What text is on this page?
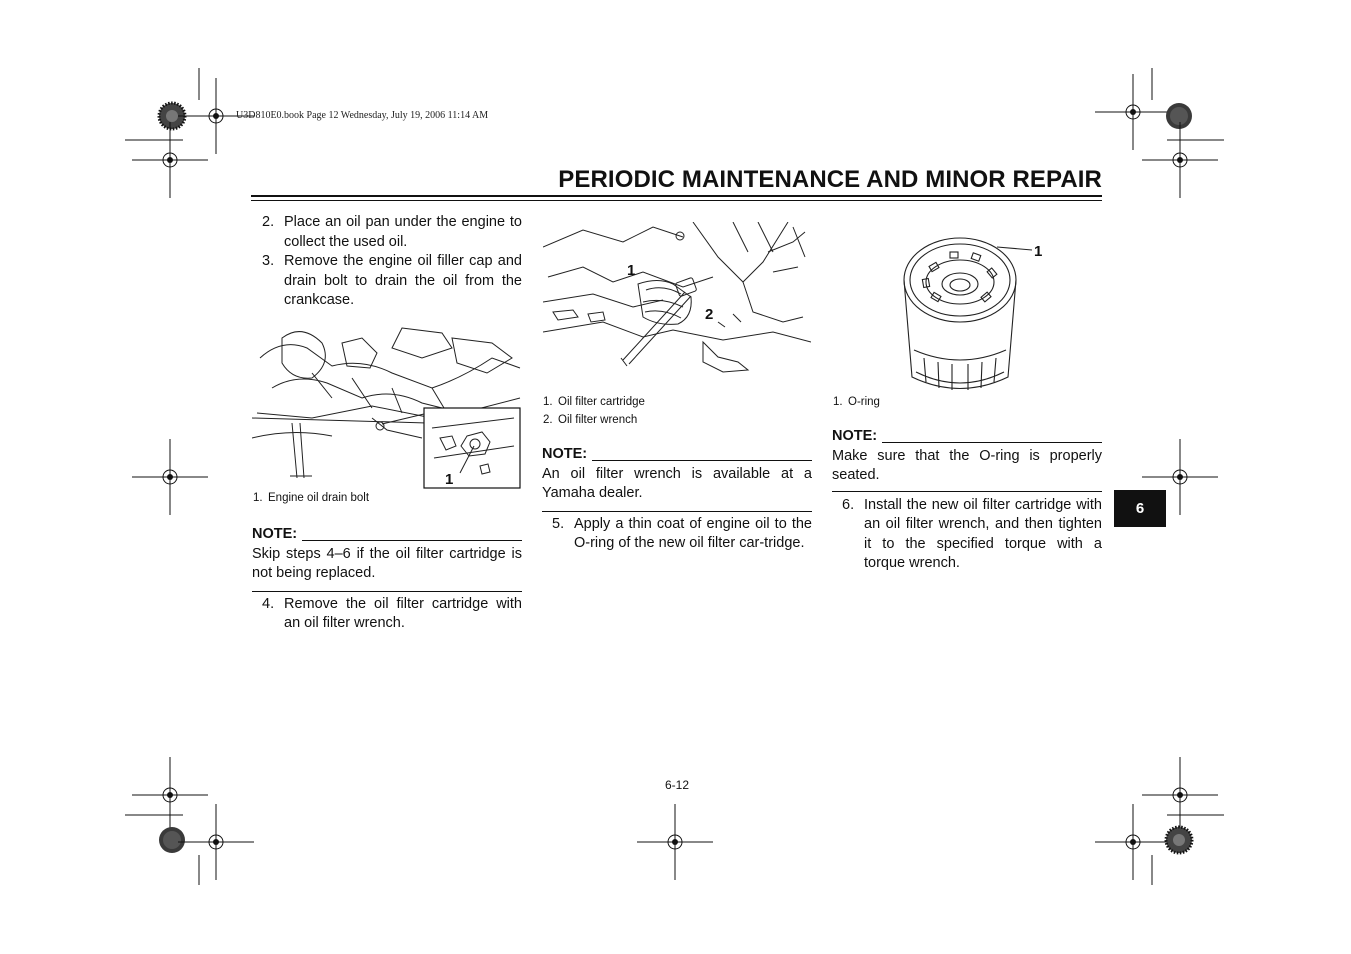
U3D810E0.book Page 12 Wednesday, July 19, 2006 11:14 AM
PERIODIC MAINTENANCE AND MINOR REPAIR
6
2. Place an oil pan under the engine to collect the used oil.
3. Remove the engine oil filler cap and drain bolt to drain the oil from the crankcase.
1
1. Engine oil drain bolt
NOTE:
Skip steps 4–6 if the oil filter cartridge is not being replaced.
4. Remove the oil filter cartridge with an oil filter wrench.
1
2
1. Oil filter cartridge
2. Oil filter wrench
NOTE:
An oil filter wrench is available at a Yamaha dealer.
5. Apply a thin coat of engine oil to the O-ring of the new oil filter car-tridge.
1
1. O-ring
NOTE:
Make sure that the O-ring is properly seated.
6. Install the new oil filter cartridge with an oil filter wrench, and then tighten it to the specified torque with a torque wrench.
6-12
